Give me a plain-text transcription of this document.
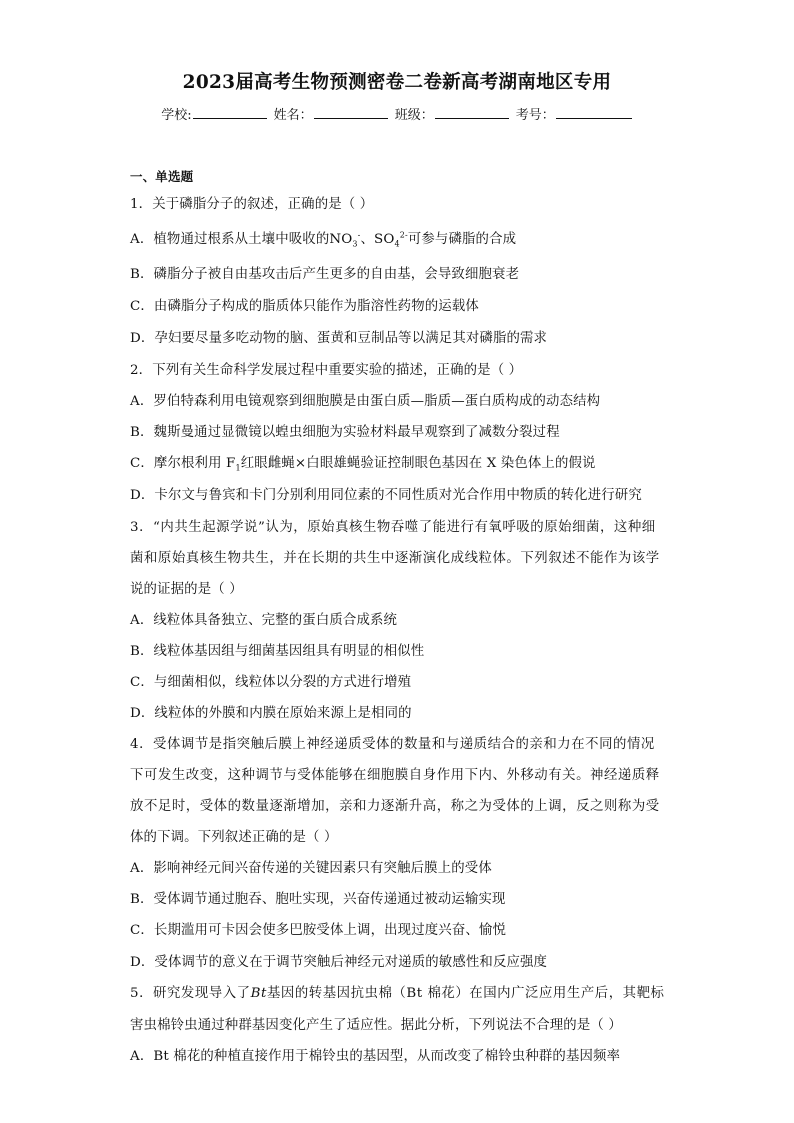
2023届高考生物预测密卷二卷新高考湖南地区专用
学校:	姓名：	班级：	考号：
一、单选题
1．关于磷脂分子的叙述，正确的是（ ）
A．植物通过根系从土壤中吸收的$NO_3^-$、$SO_4^{2-}$可参与磷脂的合成
B．磷脂分子被自由基攻击后产生更多的自由基，会导致细胞衰老
C．由磷脂分子构成的脂质体只能作为脂溶性药物的运载体
D．孕妇要尽量多吃动物的脑、蛋黄和豆制品等以满足其对磷脂的需求
2．下列有关生命科学发展过程中重要实验的描述，正确的是（ ）
A．罗伯特森利用电镜观察到细胞膜是由蛋白质—脂质—蛋白质构成的动态结构
B．魏斯曼通过显微镜以蝗虫细胞为实验材料最早观察到了减数分裂过程
C．摩尔根利用 $F_1$红眼雌蝇×白眼雄蝇验证控制眼色基因在 X 染色体上的假说
D．卡尔文与鲁宾和卡门分别利用同位素的不同性质对光合作用中物质的转化进行研究
3．“内共生起源学说”认为，原始真核生物吞噬了能进行有氧呼吸的原始细菌，这种细
菌和原始真核生物共生，并在长期的共生中逐渐演化成线粒体。下列叙述不能作为该学
说的证据的是（ ）
A．线粒体具备独立、完整的蛋白质合成系统
B．线粒体基因组与细菌基因组具有明显的相似性
C．与细菌相似，线粒体以分裂的方式进行增殖
D．线粒体的外膜和内膜在原始来源上是相同的
4．受体调节是指突触后膜上神经递质受体的数量和与递质结合的亲和力在不同的情况
下可发生改变，这种调节与受体能够在细胞膜自身作用下内、外移动有关。神经递质释
放不足时，受体的数量逐渐增加，亲和力逐渐升高，称之为受体的上调，反之则称为受
体的下调。下列叙述正确的是（ ）
A．影响神经元间兴奋传递的关键因素只有突触后膜上的受体
B．受体调节通过胞吞、胞吐实现，兴奋传递通过被动运输实现
C．长期滥用可卡因会使多巴胺受体上调，出现过度兴奋、愉悦
D．受体调节的意义在于调节突触后神经元对递质的敏感性和反应强度
5．研究发现导入了Bt基因的转基因抗虫棉（Bt 棉花）在国内广泛应用生产后，其靶标
害虫棉铃虫通过种群基因变化产生了适应性。据此分析，下列说法不合理的是（ ）
A．Bt 棉花的种植直接作用于棉铃虫的基因型，从而改变了棉铃虫种群的基因频率
